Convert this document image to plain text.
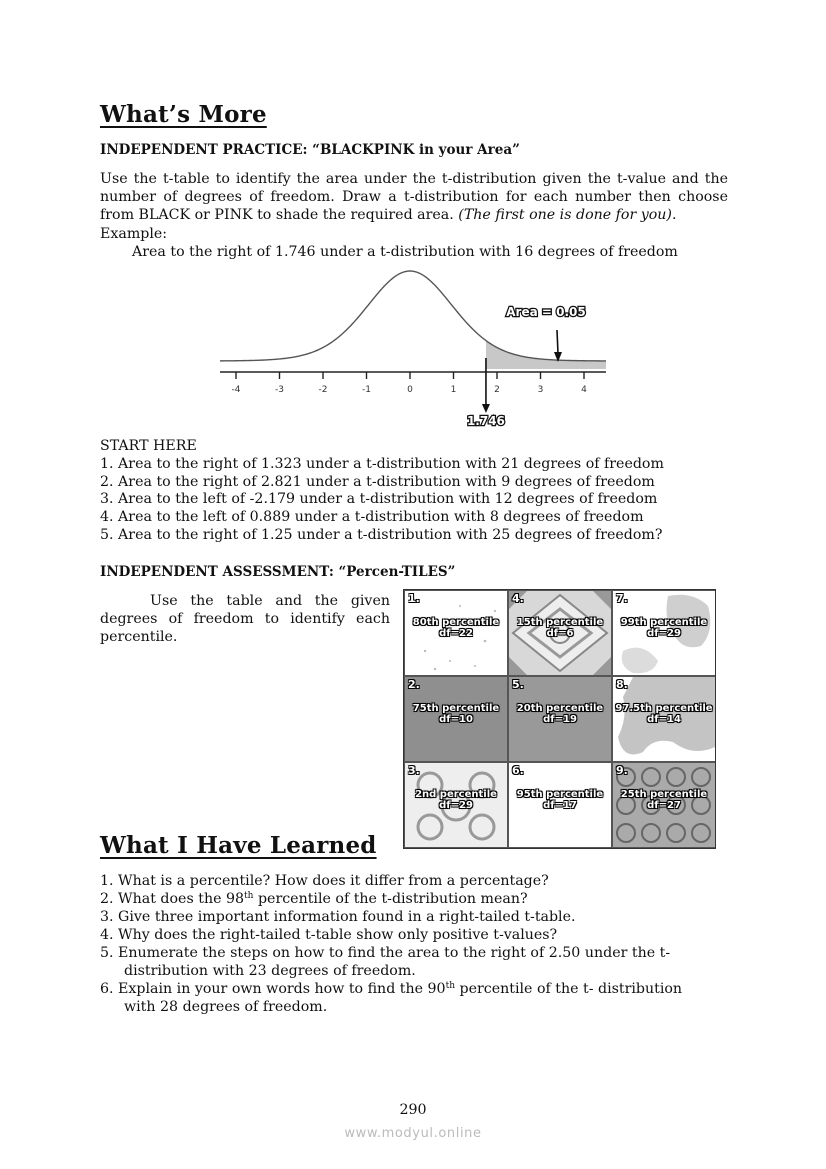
What’s More
INDEPENDENT PRACTICE: “BLACKPINK in your Area”
Use the t-table to identify the area under the t-distribution given the t-value and the number of degrees of freedom. Draw a t-distribution for each number then choose from BLACK or PINK to shade the required area. (The first one is done for you).
Example:
Area to the right of 1.746 under a t-distribution with 16 degrees of freedom
-4	-3	-2	-1	0	1	2	3	4
1.746
Area = 0.05
START HERE
1. Area to the right of 1.323 under a t-distribution with 21 degrees of freedom
2. Area to the right of 2.821 under a t-distribution with 9 degrees of freedom
3. Area to the left of -2.179 under a t-distribution with 12 degrees of freedom
4. Area to the left of 0.889 under a t-distribution with 8 degrees of freedom
5. Area to the right of 1.25 under a t-distribution with 25 degrees of freedom?
INDEPENDENT ASSESSMENT: “Percen-TILES”
Use the table and the given degrees of freedom to identify each percentile.
1.
80th percentile
df=22
4.
15th percentile
df=6
7.
99th percentile
df=29
2.
75th percentile
df=10
5.
20th percentile
df=19
8.
97.5th percentile
df=14
3.
2nd percentile
df=29
6.
95th percentile
df=17
9.
25th percentile
df=27
What I Have Learned
1. What is a percentile? How does it differ from a percentage?
2. What does the 98th percentile of the t-distribution mean?
3. Give three important information found in a right-tailed t-table.
4. Why does the right-tailed t-table show only positive t-values?
5. Enumerate the steps on how to find the area to the right of 2.50 under the t-
distribution with 23 degrees of freedom.
6. Explain in your own words how to find the 90th percentile of the t- distribution
with 28 degrees of freedom.
290
www.modyul.online
